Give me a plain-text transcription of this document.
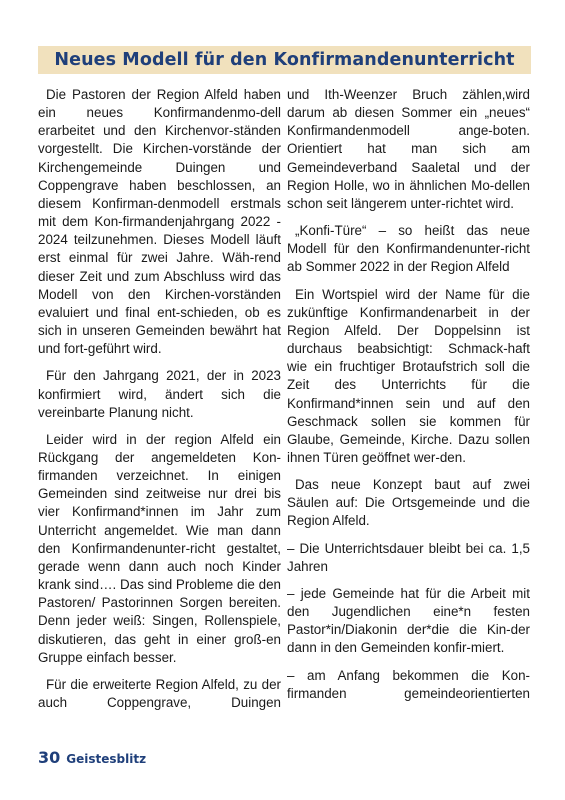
Neues Modell für den Konfirmandenunterricht

Die Pastoren der Region Alfeld haben ein neues Konfirmandenmo-dell erarbeitet und den Kirchenvor-ständen vorgestellt. Die Kirchen-vorstände der Kirchengemeinde Duingen und Coppengrave haben beschlossen, an diesem Konfirman-denmodell erstmals mit dem Kon-firmandenjahrgang 2022 - 2024 teilzunehmen. Dieses Modell läuft erst einmal für zwei Jahre. Wäh-rend dieser Zeit und zum Abschluss wird das Modell von den Kirchen-vorständen evaluiert und final ent-schieden, ob es sich in unseren Gemeinden bewährt hat und fort-geführt wird.

Für den Jahrgang 2021, der in 2023 konfirmiert wird, ändert sich die vereinbarte Planung nicht.

Leider wird in der region Alfeld ein Rückgang der angemeldeten Kon-firmanden verzeichnet. In einigen Gemeinden sind zeitweise nur drei bis vier Konfirmand*innen im Jahr zum Unterricht angemeldet. Wie man dann den Konfirmandenunter-richt gestaltet, gerade wenn dann auch noch Kinder krank sind…. Das sind Probleme die den Pastoren/ Pastorinnen Sorgen bereiten. Denn jeder weiß: Singen, Rollenspiele, diskutieren, das geht in einer groß-en Gruppe einfach besser.

Für die erweiterte Region Alfeld, zu der auch Coppengrave, Duingen

und Ith-Weenzer Bruch zählen,wird darum ab diesen Sommer ein „neues“ Konfirmandenmodell ange-boten. Orientiert hat man sich am Gemeindeverband Saaletal und der Region Holle, wo in ähnlichen Mo-dellen schon seit längerem unter-richtet wird.

„Konfi-Türe“ – so heißt das neue Modell für den Konfirmandenunter-richt ab Sommer 2022 in der Region Alfeld

Ein Wortspiel wird der Name für die zukünftige Konfirmandenarbeit in der Region Alfeld. Der Doppelsinn ist durchaus beabsichtigt: Schmack-haft wie ein fruchtiger Brotaufstrich soll die Zeit des Unterrichts für die Konfirmand*innen sein und auf den Geschmack sollen sie kommen für Glaube, Gemeinde, Kirche. Dazu sollen ihnen Türen geöffnet wer-den.

Das neue Konzept baut auf zwei Säulen auf: Die Ortsgemeinde und die Region Alfeld.

– Die Unterrichtsdauer bleibt bei ca. 1,5 Jahren

– jede Gemeinde hat für die Arbeit mit den Jugendlichen eine*n festen Pastor*in/Diakonin der*die die Kin-der dann in den Gemeinden konfir-miert.

– am Anfang bekommen die Kon-firmanden gemeindeorientierten

30 Geistesblitz
